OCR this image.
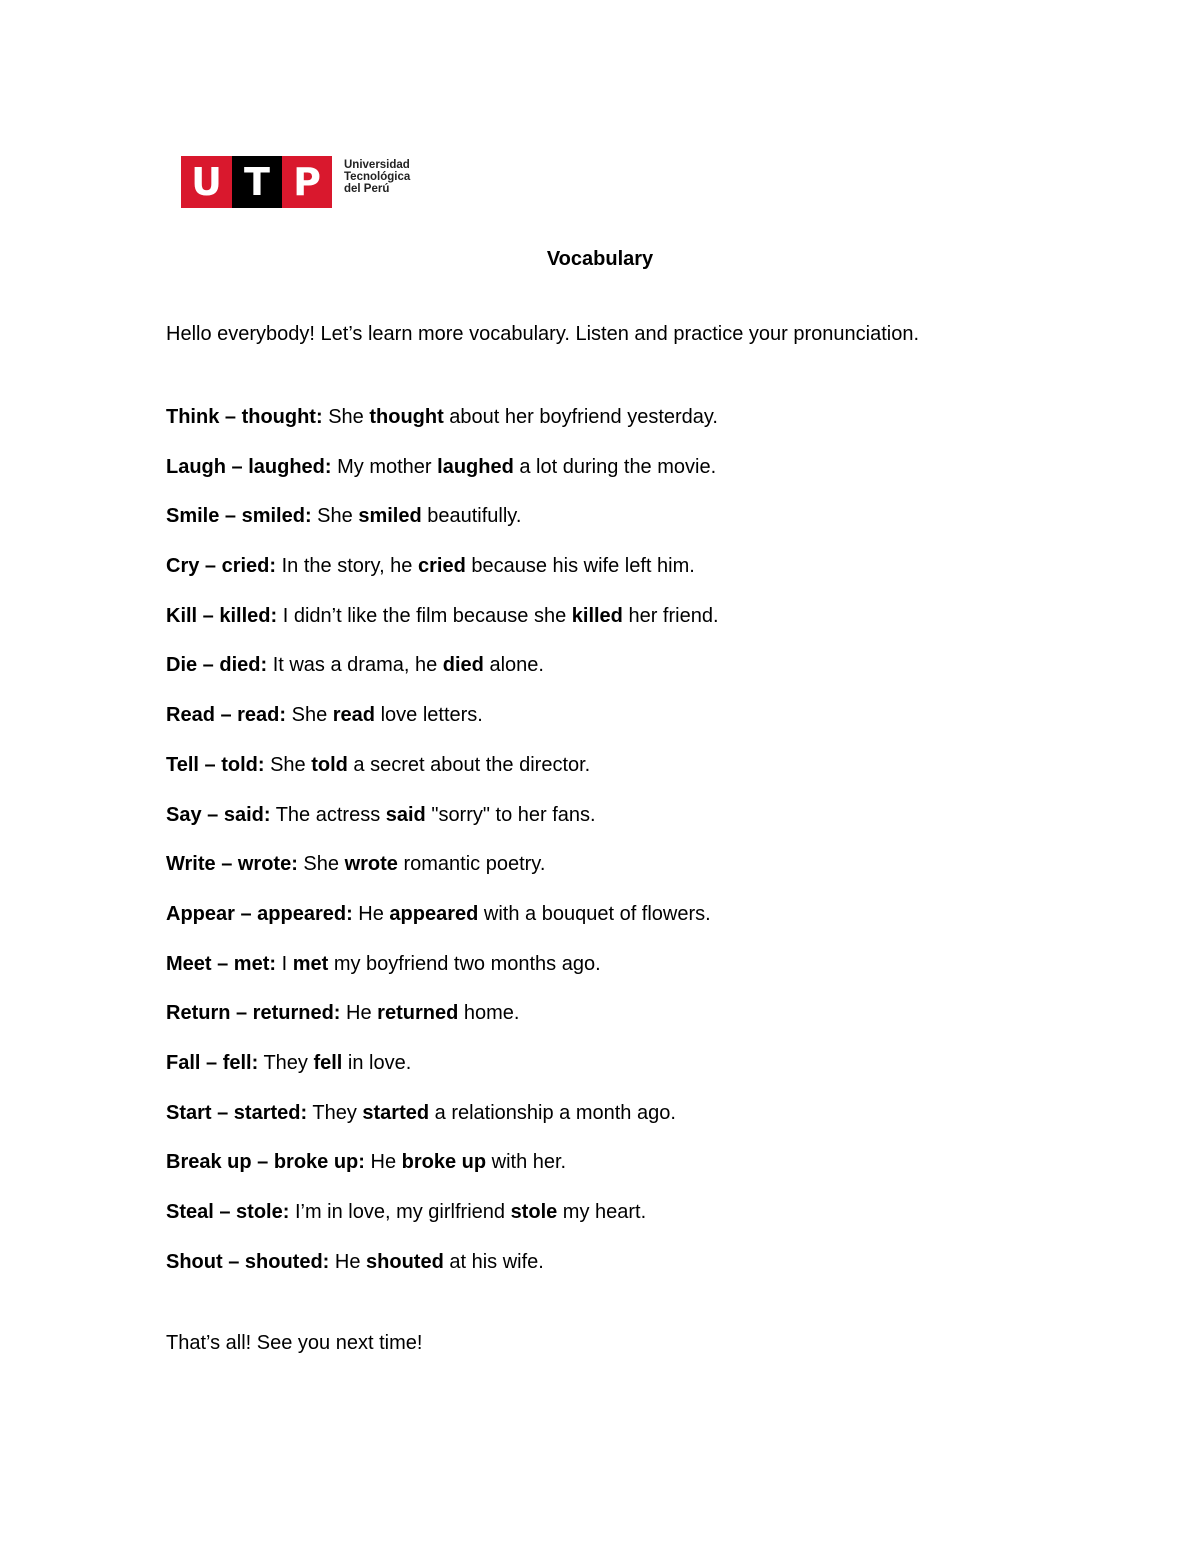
U T P	Universidad
Tecnológica
del Perú
Vocabulary
Hello everybody! Let’s learn more vocabulary. Listen and practice your pronunciation.
Think – thought: She thought about her boyfriend yesterday.
Laugh – laughed: My mother laughed a lot during the movie.
Smile – smiled: She smiled beautifully.
Cry – cried: In the story, he cried because his wife left him.
Kill – killed: I didn’t like the film because she killed her friend.
Die – died: It was a drama, he died alone.
Read – read: She read love letters.
Tell – told: She told a secret about the director.
Say – said: The actress said "sorry" to her fans.
Write – wrote: She wrote romantic poetry.
Appear – appeared: He appeared with a bouquet of flowers.
Meet – met: I met my boyfriend two months ago.
Return – returned: He returned home.
Fall – fell: They fell in love.
Start – started: They started a relationship a month ago.
Break up – broke up: He broke up with her.
Steal – stole: I’m in love, my girlfriend stole my heart.
Shout – shouted: He shouted at his wife.
That’s all! See you next time!
